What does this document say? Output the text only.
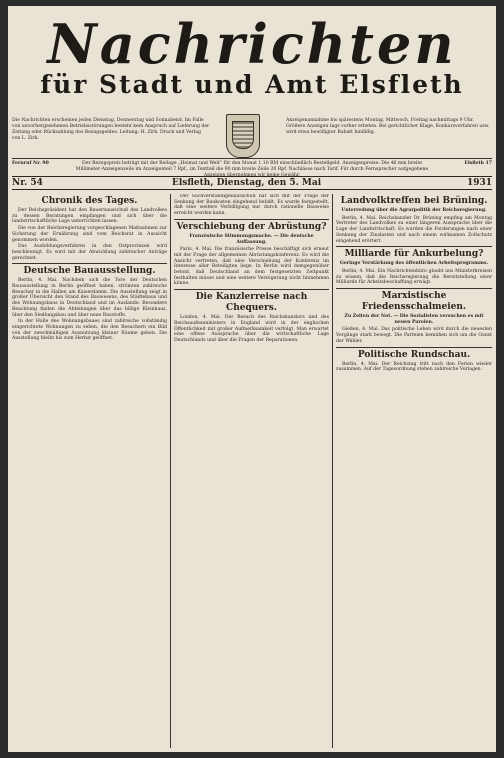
Nachrichten
für Stadt und Amt Elsfleth
Die Nachrichten erscheinen jeden Dienstag, Donnerstag und Sonnabend. Im Falle von unvorhergesehenen Betriebsstörungen besteht kein Anspruch auf Lieferung der Zeitung oder Rückzahlung des Bezugsgeldes. Leitung: H. Zirk. Druck und Verlag von L. Zirk.
Anzeigenannahme bis spätestens Montag, Mittwoch, Freitag nachmittags 9 Uhr. Größere Anzeigen tags vorher erbeten. Bei gerichtlicher Klage, Konkursverfahren usw. wird etwa bewilligter Rabatt hinfällig.
Fernruf Nr. 90	Der Bezugspreis beträgt mit der Beilage „Heimat und Welt“ für den Monat 1.10 RM einschließlich Bestellgeld. Anzeigenpreise: Die 46 mm breite Millimeter-Anzeigenzeile im Anzeigenteil 7 Rpf., im Textteil die 90 mm breite Zeile 20 Rpf. Nachlässe nach Tarif. Für durch Fernsprecher aufgegebene Anzeigen übernehmen wir keine Gewähr.
Elsfleth 17
Nr. 54	Elsfleth, Dienstag, den 5. Mai	1931
Chronik des Tages.

Der Reichspräsident hat den Bauernausschuß des Landvolkes zu dessen Beratungen empfangen und sich über die landwirtschaftliche Lage unterrichten lassen.

Die von der Reichsregierung vorgeschlagenen Maßnahmen zur Sicherung der Ernährung sind vom Reichsrat in Aussicht genommen worden.

Das Ausbildungsverfahren in den Ostprovinzen wird beschleunigt. Es wird mit der Abwicklung zahlreicher Anträge gerechnet.

Deutsche Bauausstellung.

Berlin, 4. Mai. Nachdem sich die Tore der Deutschen Bauausstellung in Berlin geöffnet haben, strömten zahlreiche Besucher in die Hallen am Kaiserdamm. Die Ausstellung zeigt in großer Übersicht den Stand des Bauwesens, des Städtebaus und des Wohnungsbaus in Deutschland und im Auslande. Besondere Beachtung finden die Abteilungen über das billige Kleinhaus, über den Siedlungsbau und über neue Baustoffe.

In der Halle des Wohnungsbaues sind zahlreiche vollständig eingerichtete Wohnungen zu sehen, die den Besuchern ein Bild von der zweckmäßigen Ausnutzung kleiner Räume geben. Die Ausstellung bleibt bis zum Herbst geöffnet.

Der Sachverständigenausschuß hat sich mit der Frage der Senkung der Baukosten eingehend befaßt. Es wurde festgestellt, daß eine weitere Verbilligung nur durch rationelle Bauweise erreicht werden kann.

Verschiebung der Abrüstung?
Französische Stimmungsmache. — Die deutsche Auffassung.

Paris, 4. Mai. Die französische Presse beschäftigt sich erneut mit der Frage der allgemeinen Abrüstungskonferenz. Es wird die Ansicht vertreten, daß eine Verschiebung der Konferenz im Interesse aller Beteiligten liege. In Berlin wird demgegenüber betont, daß Deutschland an dem festgesetzten Zeitpunkt festhalten müsse und eine weitere Verzögerung nicht hinnehmen könne.

Die Kanzlerreise nach Chequers.

London, 4. Mai. Der Besuch des Reichskanzlers und des Reichsaußenministers in England wird in der englischen Öffentlichkeit mit großer Aufmerksamkeit verfolgt. Man erwartet eine offene Aussprache über die wirtschaftliche Lage Deutschlands und über die Fragen der Reparationen.

Landvolktreffen bei Brüning.
Unterredung über die Agrarpolitik der Reichsregierung.

Berlin, 4. Mai. Reichskanzler Dr. Brüning empfing am Montag Vertreter des Landvolkes zu einer längeren Aussprache über die Lage der Landwirtschaft. Es wurden die Forderungen nach einer Senkung der Zinslasten und nach einem wirksamen Zollschutz eingehend erörtert.

Milliarde für Ankurbelung?
Geringe Verstärkung des öffentlichen Arbeitsprogramms.

Berlin, 4. Mai. Ein Nachrichtenbüro glaubt aus Ministerkreisen zu wissen, daß die Reichsregierung die Bereitstellung einer Milliarde für Arbeitsbeschaffung erwägt.

Marxistische Friedensschalmeien.
Zu Zeiten der Not. — Die Sozialisten versuchen es mit neuen Parolen.

Gießen, 4. Mai. Das politische Leben wird durch die neuesten Vorgänge stark bewegt. Die Parteien bemühen sich um die Gunst der Wähler.

Politische Rundschau.

Berlin, 4. Mai. Der Reichstag tritt nach den Ferien wieder zusammen. Auf der Tagesordnung stehen zahlreiche Vorlagen.
